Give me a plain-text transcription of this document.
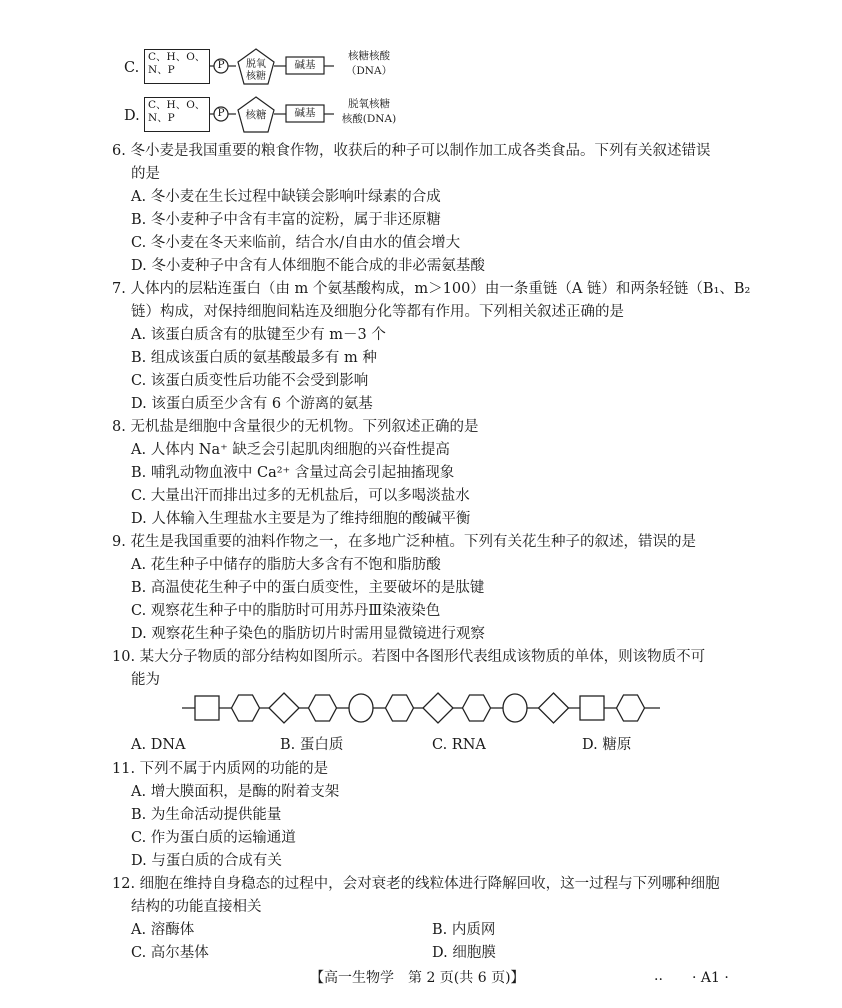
C.
C、H、O、N、P	P	脱氧核糖
碱基
核糖核酸
（DNA）
D.
C、H、O、N、P	P	核糖	碱基
脱氧核糖
核酸(DNA)
6. 冬小麦是我国重要的粮食作物，收获后的种子可以制作加工成各类食品。下列有关叙述错误
的是
A. 冬小麦在生长过程中缺镁会影响叶绿素的合成
B. 冬小麦种子中含有丰富的淀粉，属于非还原糖
C. 冬小麦在冬天来临前，结合水/自由水的值会增大
D. 冬小麦种子中含有人体细胞不能合成的非必需氨基酸
7. 人体内的层粘连蛋白（由 m 个氨基酸构成，m＞100）由一条重链（A 链）和两条轻链（B₁、B₂
链）构成，对保持细胞间粘连及细胞分化等都有作用。下列相关叙述正确的是
A. 该蛋白质含有的肽键至少有 m－3 个
B. 组成该蛋白质的氨基酸最多有 m 种
C. 该蛋白质变性后功能不会受到影响
D. 该蛋白质至少含有 6 个游离的氨基
8. 无机盐是细胞中含量很少的无机物。下列叙述正确的是
A. 人体内 Na⁺ 缺乏会引起肌肉细胞的兴奋性提高
B. 哺乳动物血液中 Ca²⁺ 含量过高会引起抽搐现象
C. 大量出汗而排出过多的无机盐后，可以多喝淡盐水
D. 人体输入生理盐水主要是为了维持细胞的酸碱平衡
9. 花生是我国重要的油料作物之一，在多地广泛种植。下列有关花生种子的叙述，错误的是
A. 花生种子中储存的脂肪大多含有不饱和脂肪酸
B. 高温使花生种子中的蛋白质变性，主要破坏的是肽键
C. 观察花生种子中的脂肪时可用苏丹Ⅲ染液染色
D. 观察花生种子染色的脂肪切片时需用显微镜进行观察
10. 某大分子物质的部分结构如图所示。若图中各图形代表组成该物质的单体，则该物质不可
能为
A. DNA	B. 蛋白质	C. RNA	D. 糖原
11. 下列不属于内质网的功能的是
A. 增大膜面积，是酶的附着支架
B. 为生命活动提供能量
C. 作为蛋白质的运输通道
D. 与蛋白质的合成有关
12. 细胞在维持自身稳态的过程中，会对衰老的线粒体进行降解回收，这一过程与下列哪种细胞
结构的功能直接相关
A. 溶酶体	B. 内质网
C. 高尔基体	D. 细胞膜
【高一生物学　第 2 页(共 6 页)】	.. · A1 ·
